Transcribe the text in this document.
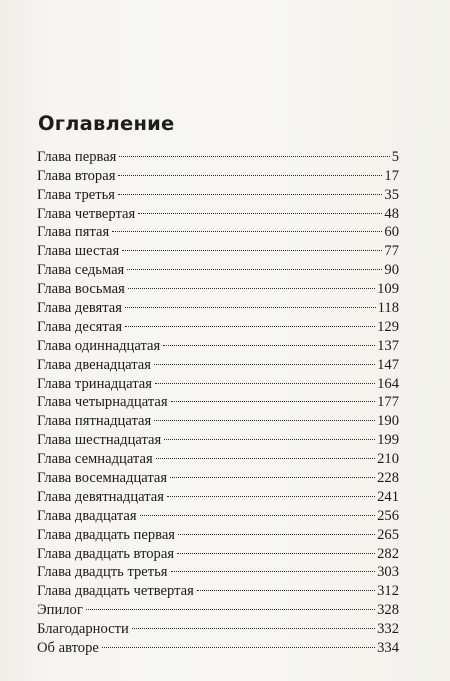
Оглавление
Глава первая	5
Глава вторая	17
Глава третья	35
Глава четвертая	48
Глава пятая	60
Глава шестая	77
Глава седьмая	90
Глава восьмая	109
Глава девятая	118
Глава десятая	129
Глава одиннадцатая	137
Глава двенадцатая	147
Глава тринадцатая	164
Глава четырнадцатая	177
Глава пятнадцатая	190
Глава шестнадцатая	199
Глава семнадцатая	210
Глава восемнадцатая	228
Глава девятнадцатая	241
Глава двадцатая	256
Глава двадцать первая	265
Глава двадцать вторая	282
Глава двадцть третья	303
Глава двадцать четвертая	312
Эпилог	328
Благодарности	332
Об авторе	334
